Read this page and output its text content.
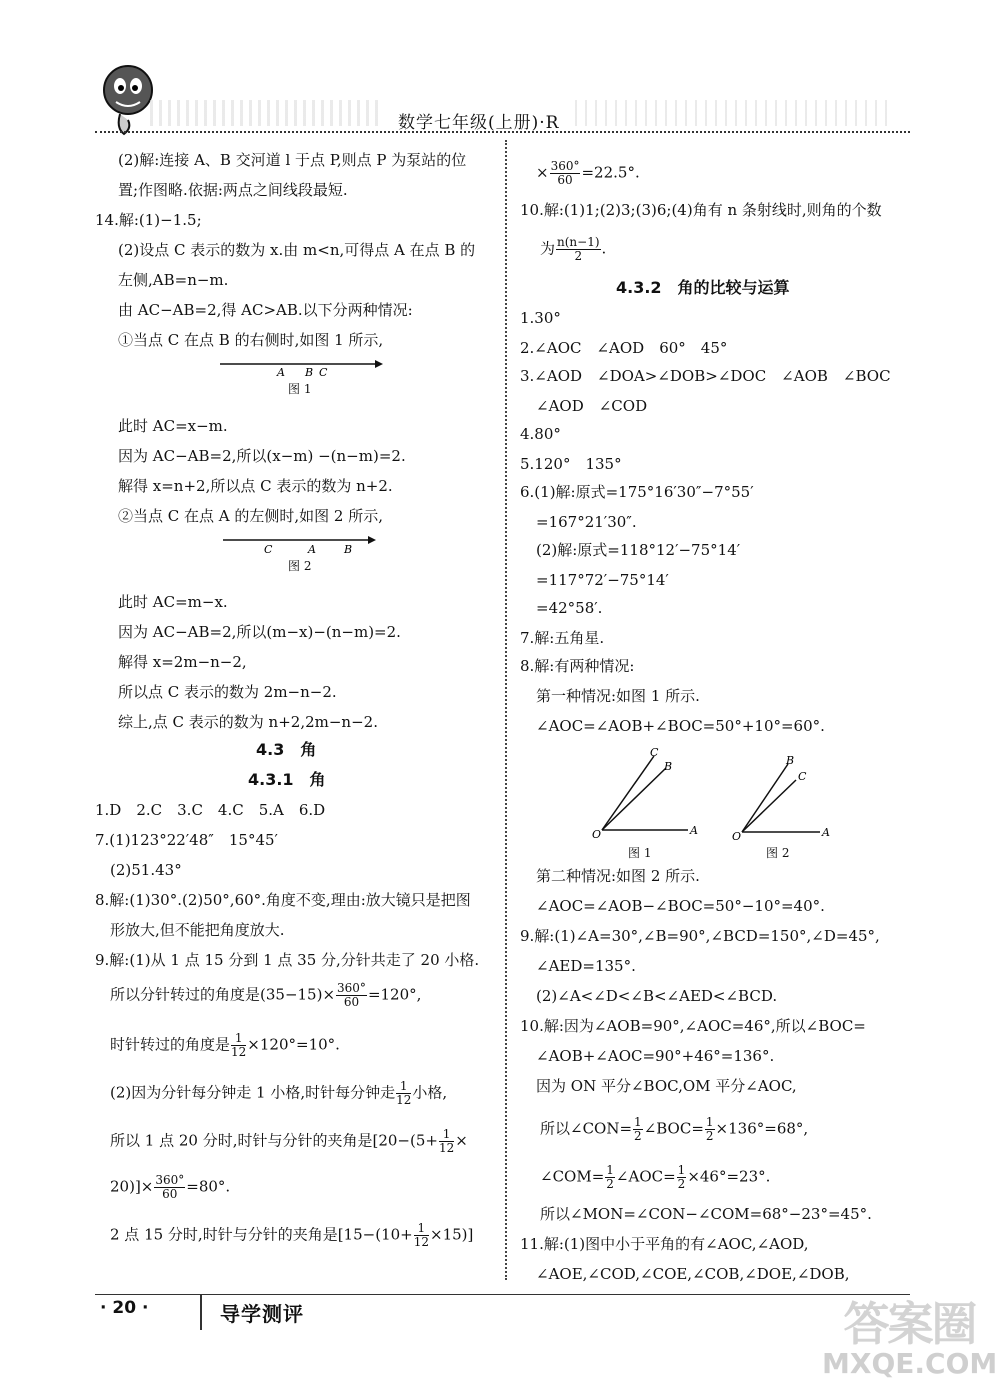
数学七年级(上册)·R
(2)解:连接 A、B 交河道 l 于点 P,则点 P 为泵站的位
置;作图略.依据:两点之间线段最短.
14.解:(1)−1.5;
(2)设点 C 表示的数为 x.由 m<n,可得点 A 在点 B 的
左侧,AB=n−m.
由 AC−AB=2,得 AC>AB.以下分两种情况:
①当点 C 在点 B 的右侧时,如图 1 所示,
A B C
图 1
此时 AC=x−m.
因为 AC−AB=2,所以(x−m) −(n−m)=2.
解得 x=n+2,所以点 C 表示的数为 n+2.
②当点 C 在点 A 的左侧时,如图 2 所示,
C	A	B
图 2
此时 AC=m−x.
因为 AC−AB=2,所以(m−x)−(n−m)=2.
解得 x=2m−n−2,
所以点 C 表示的数为 2m−n−2.
综上,点 C 表示的数为 n+2,2m−n−2.
4.3　角
4.3.1　角
1.D　2.C　3.C　4.C　5.A　6.D
7.(1)123°22′48″　15°45′
(2)51.43°
8.解:(1)30°.(2)50°,60°.角度不变,理由:放大镜只是把图
形放大,但不能把角度放大.
9.解:(1)从 1 点 15 分到 1 点 35 分,分针共走了 20 小格.
所以分针转过的角度是$(35-15)\times \frac{360^\circ}{60} =120^\circ$,
时针转过的角度是 $\frac{1}{12} \times 120^\circ=10^\circ$.
(2)因为分针每分钟走 1 小格,时针每分钟走 $\frac{1}{12}$ 小格,
所以 1 点 20 分时,时针与分针的夹角是[$20-(5+ \frac{1}{12}$ ×
$20)]\times \frac{360^\circ}{60} =80^\circ$.
2 点 15 分时,时针与分针的夹角是$[15-(10+ \frac{1}{12} \times 15)]$
× $\frac{360^\circ}{60} =22.5^\circ$.
10.解:(1)1;(2)3;(3)6;(4)角有 n 条射线时,则角的个数
为 $\frac{n(n-1)}{2}$ .
4.3.2　角的比较与运算
1.30°
2.∠AOC　∠AOD　60°　45°
3.∠AOD　∠DOA>∠DOB>∠DOC　∠AOB　∠BOC
∠AOD　∠COD
4.80°
5.120°　135°
6.(1)解:原式=175°16′30″−7°55′
=167°21′30″.
(2)解:原式=118°12′−75°14′
=117°72′−75°14′
=42°58′.
7.解:五角星.
8.解:有两种情况:
第一种情况:如图 1 所示.
∠AOC=∠AOB+∠BOC=50°+10°=60°.
C
B
O	A
图 1
B
C
O	A
图 2
第二种情况:如图 2 所示.
∠AOC=∠AOB−∠BOC=50°−10°=40°.
9.解:(1)∠A=30°,∠B=90°,∠BCD=150°,∠D=45°,
∠AED=135°.
(2)∠A<∠D<∠B<∠AED<∠BCD.
10.解:因为∠AOB=90°,∠AOC=46°,所以∠BOC=
∠AOB+∠AOC=90°+46°=136°.
因为 ON 平分∠BOC,OM 平分∠AOC,
所以∠CON= $\frac{1}{2}$ ∠BOC= $\frac{1}{2} \times 136^\circ=68^\circ$,
∠COM= $\frac{1}{2}$ ∠AOC= $\frac{1}{2} \times 46^\circ=23^\circ$.
所以∠MON=∠CON−∠COM=68°−23°=45°.
11.解:(1)图中小于平角的有∠AOC,∠AOD,
∠AOE,∠COD,∠COE,∠COB,∠DOE,∠DOB,
· 20 ·	导学测评	答案圈
MXQE.COM
